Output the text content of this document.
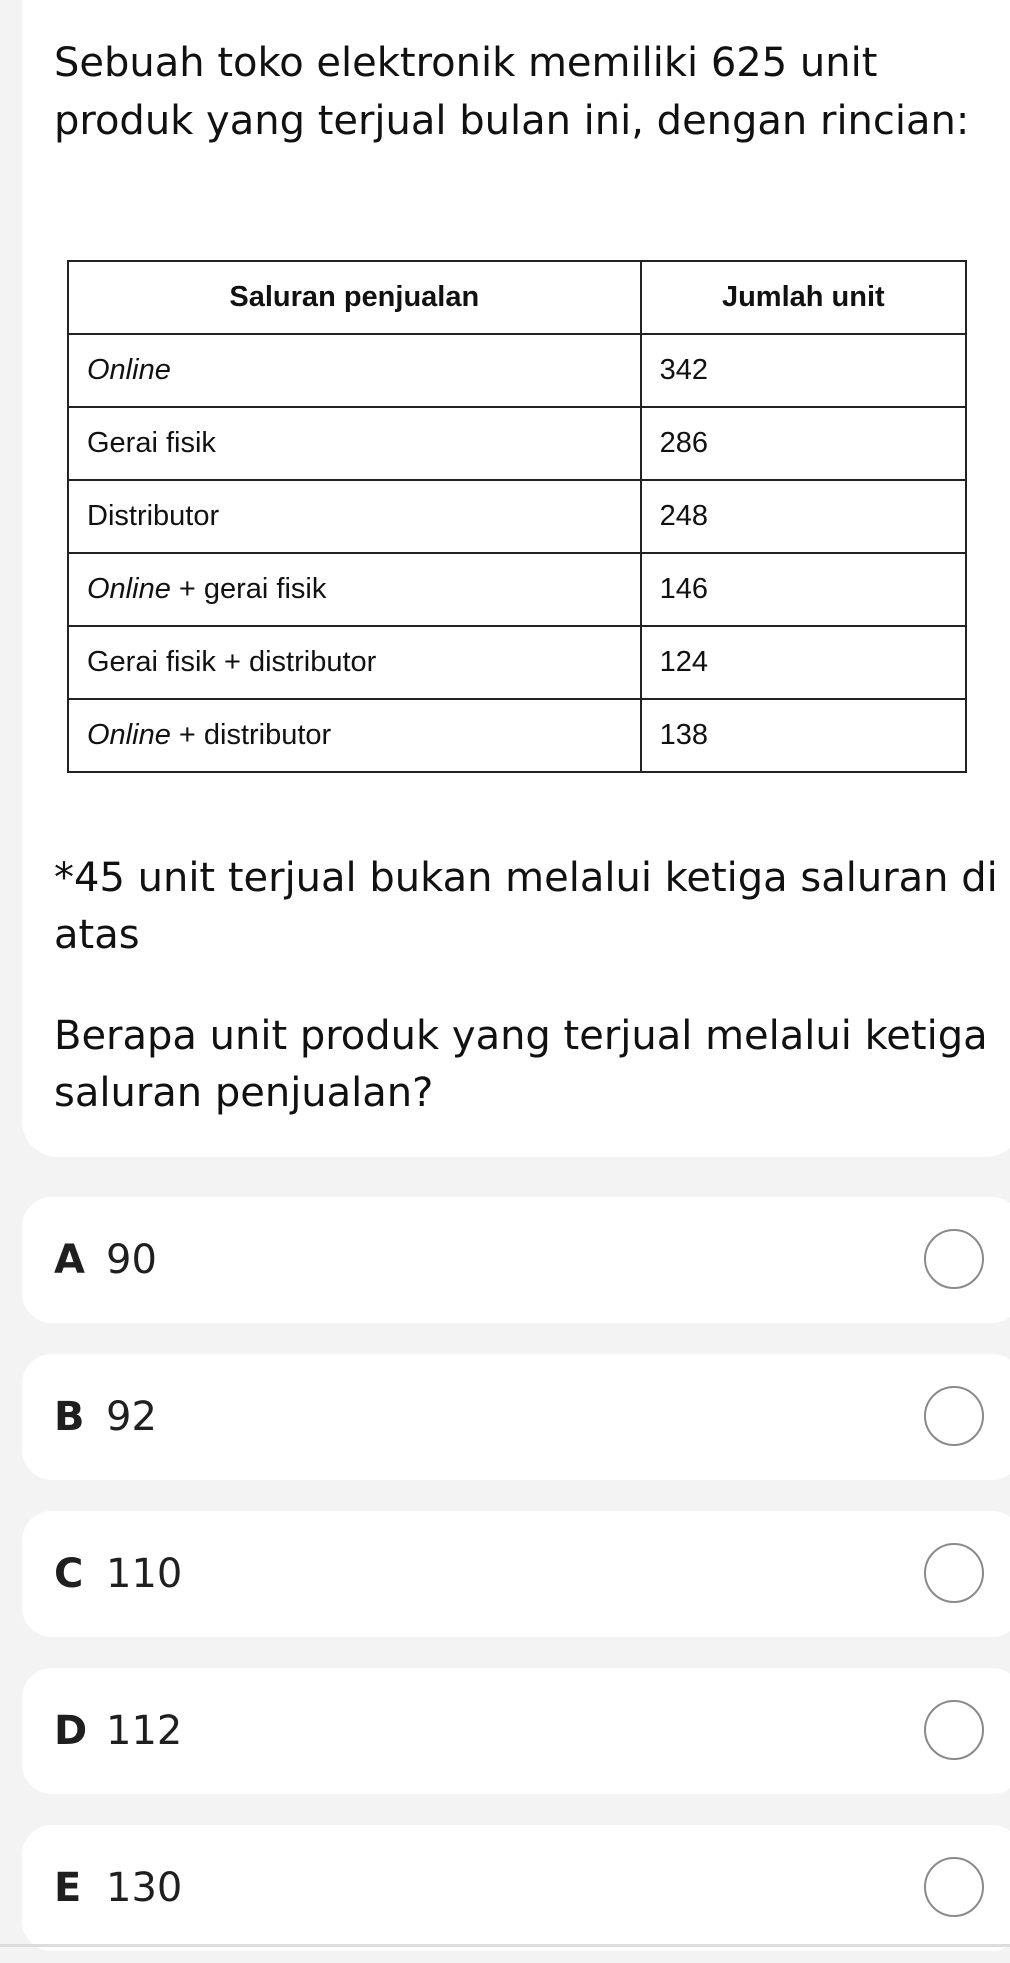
Sebuah toko elektronik memiliki 625 unit produk yang terjual bulan ini, dengan rincian:

Saluran penjualan	Jumlah unit
Online	342
Gerai fisik	286
Distributor	248
Online + gerai fisik	146
Gerai fisik + distributor	124
Online + distributor	138

*45 unit terjual bukan melalui ketiga saluran di atas

Berapa unit produk yang terjual melalui ketiga saluran penjualan?

A 90
B 92
C 110
D 112
E 130
